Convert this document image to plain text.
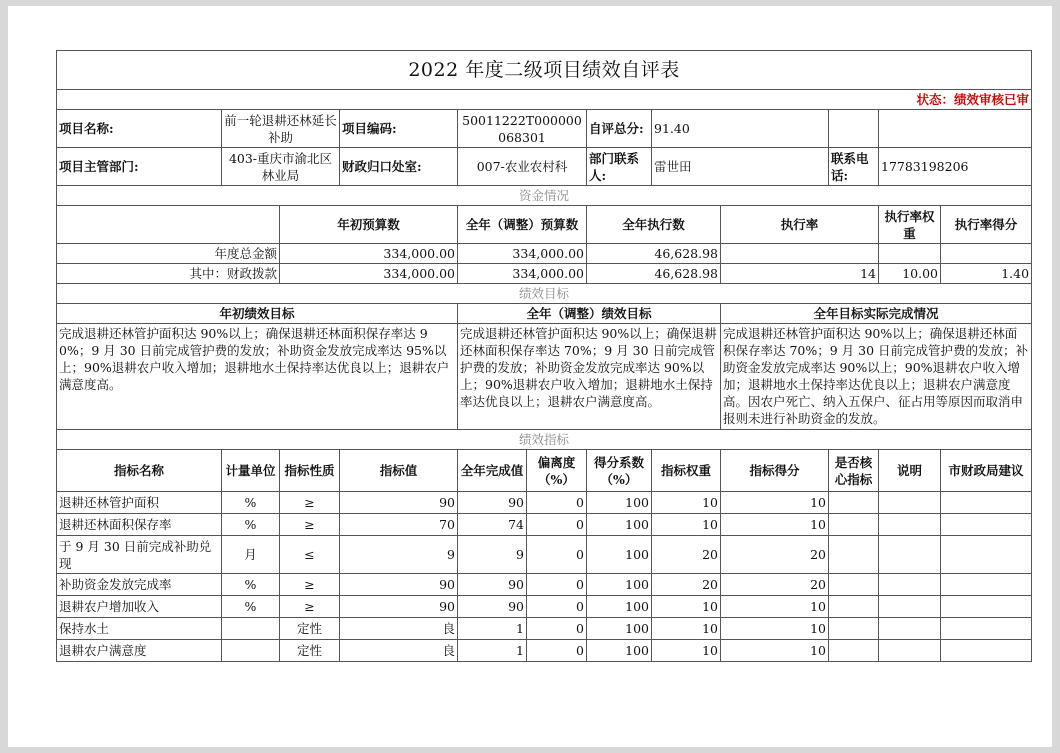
2022 年度二级项目绩效自评表											
状态：绩效审核已审											
项目名称:	前一轮退耕还林延长补助		项目编码:	50011222T000000068301		自评总分:	91.40				
项目主管部门:	403-重庆市渝北区林业局		财政归口处室:	007-农业农村科		部门联系人:	雷世田		联系电话:	17783198206	
资金情况											
		年初预算数		全年（调整）预算数		全年执行数		执行率		执行率权重	执行率得分
年度总金额		334,000.00		334,000.00		46,628.98					
其中：财政拨款		334,000.00		334,000.00		46,628.98		14		10.00	1.40
绩效目标											
年初绩效目标				全年（调整）绩效目标				全年目标实际完成情况			
完成退耕还林管护面积达 90%以上；确保退耕还林面积保存率达 90%；9 月 30 日前完成管护费的发放；补助资金发放完成率达 95%以上；90%退耕农户收入增加；退耕地水土保持率达优良以上；退耕农户满意度高。				完成退耕还林管护面积达 90%以上；确保退耕还林面积保存率达 70%；9 月 30 日前完成管护费的发放；补助资金发放完成率达 90%以上；90%退耕农户收入增加；退耕地水土保持率达优良以上；退耕农户满意度高。				完成退耕还林管护面积达 90%以上；确保退耕还林面积保存率达 70%；9 月 30 日前完成管护费的发放；补助资金发放完成率达 90%以上；90%退耕农户收入增加；退耕地水土保持率达优良以上；退耕农户满意度高。因农户死亡、纳入五保户、征占用等原因而取消申报则未进行补助资金的发放。			
绩效指标											
指标名称	计量单位	指标性质	指标值	全年完成值	偏离度（%）	得分系数（%）	指标权重	指标得分	是否核心指标	说明	市财政局建议
退耕还林管护面积	%	≥	90	90	0	100	10	10			
退耕还林面积保存率	%	≥	70	74	0	100	10	10			
于 9 月 30 日前完成补助兑现	月	≤	9	9	0	100	20	20			
补助资金发放完成率	%	≥	90	90	0	100	20	20			
退耕农户增加收入	%	≥	90	90	0	100	10	10			
保持水土		定性	良	1	0	100	10	10			
退耕农户满意度		定性	良	1	0	100	10	10			
